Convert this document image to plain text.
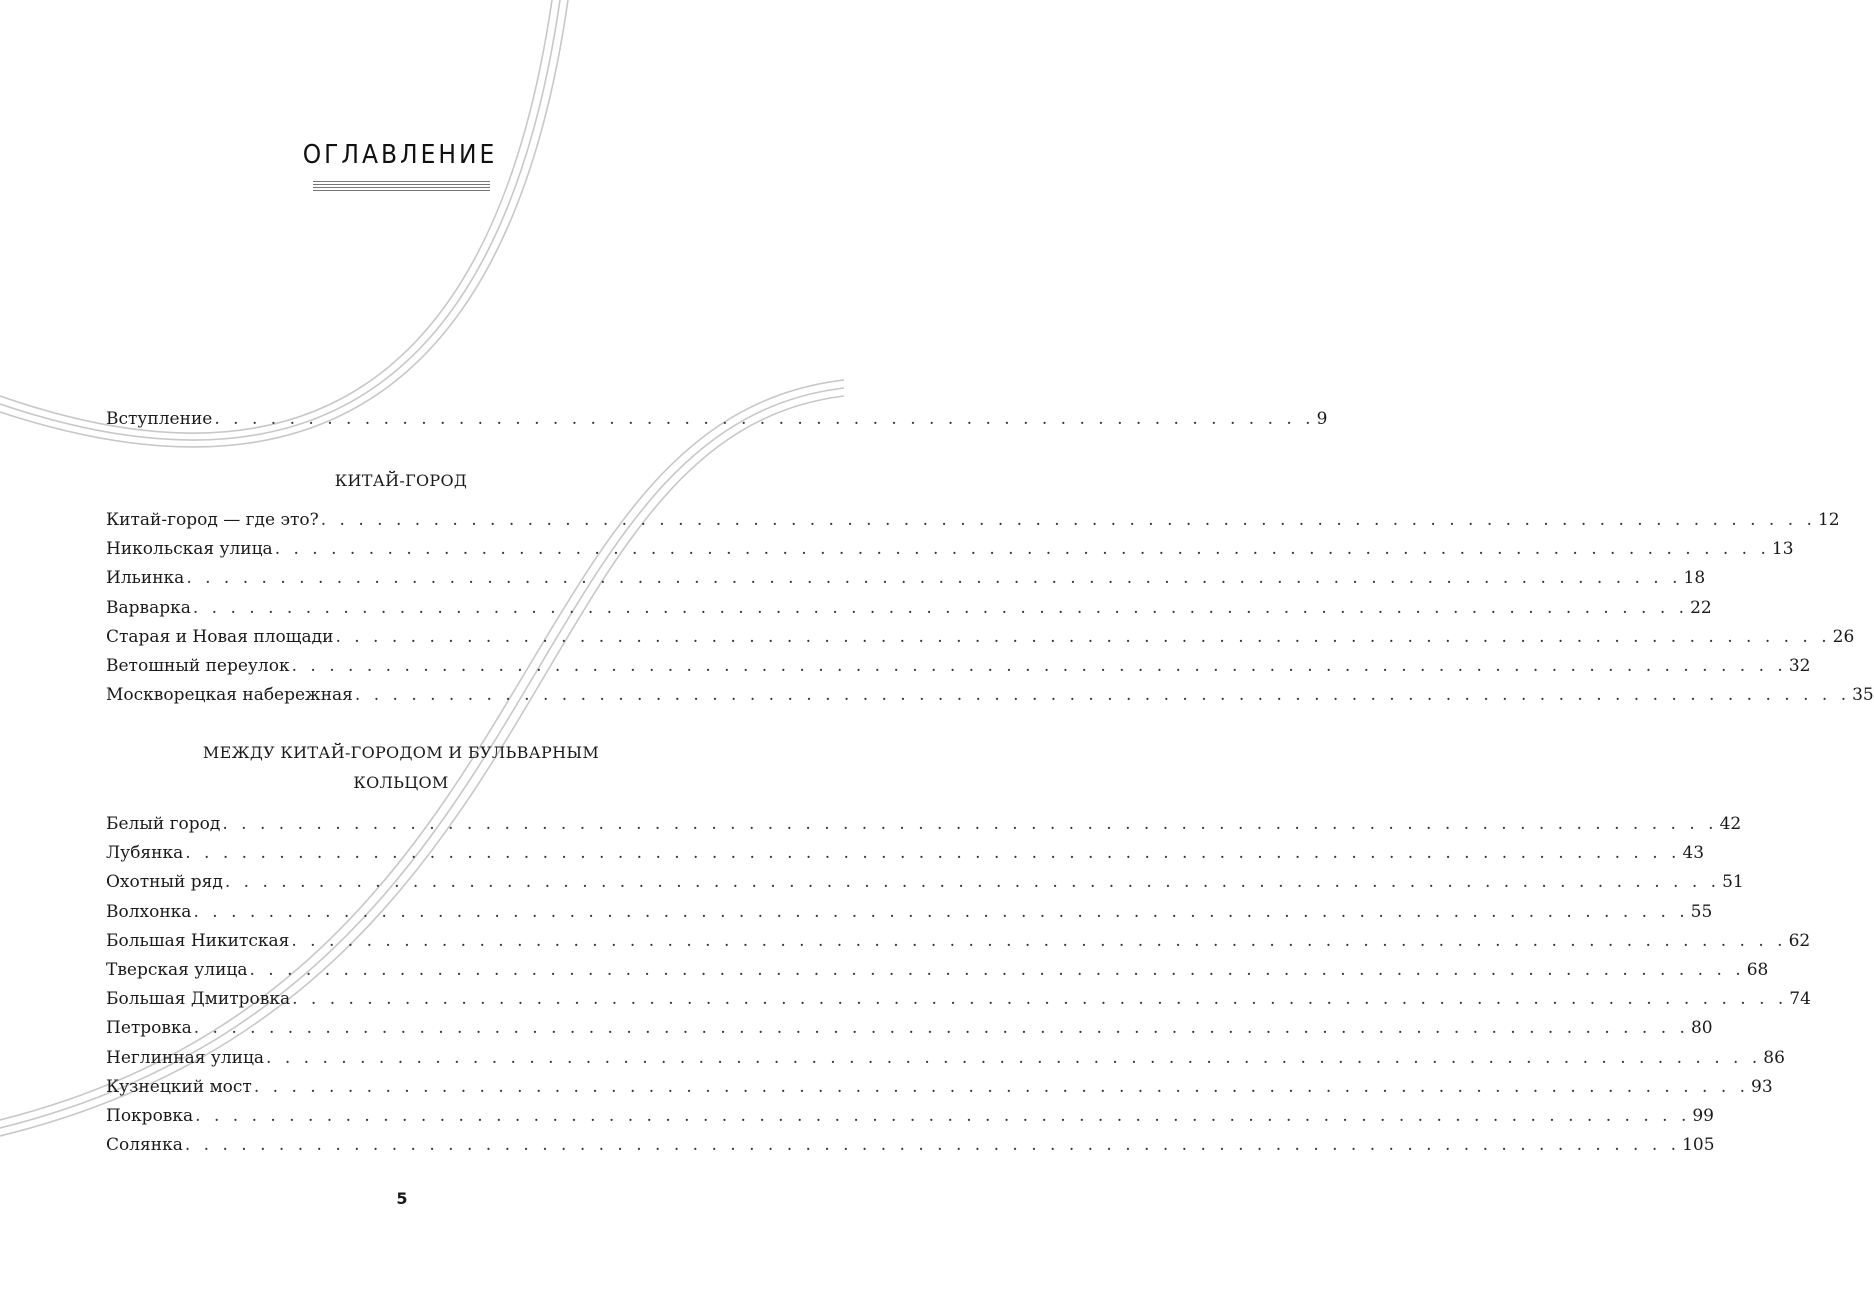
ОГЛАВЛЕНИЕ
Вступление . . . . . . . . . . . . . . . . . . . . . . . . . . . . . . . . . . . . . . . . . . . . . . . . . . . . . . . . . . . 9
КИТАЙ-ГОРОД
Китай-город — где это? . . . . . . . . . . . . . . . . . . . . . . . . . . . . . . . . . . . . . . . . . . . . . . . . . . . . . . . . . . . . . . . . . . . . . . . . . . . . . . . . 12
Никольская улица . . . . . . . . . . . . . . . . . . . . . . . . . . . . . . . . . . . . . . . . . . . . . . . . . . . . . . . . . . . . . . . . . . . . . . . . . . . . . . . . 13
Ильинка . . . . . . . . . . . . . . . . . . . . . . . . . . . . . . . . . . . . . . . . . . . . . . . . . . . . . . . . . . . . . . . . . . . . . . . . . . . . . . . . 18
Варварка . . . . . . . . . . . . . . . . . . . . . . . . . . . . . . . . . . . . . . . . . . . . . . . . . . . . . . . . . . . . . . . . . . . . . . . . . . . . . . . . 22
Старая и Новая площади . . . . . . . . . . . . . . . . . . . . . . . . . . . . . . . . . . . . . . . . . . . . . . . . . . . . . . . . . . . . . . . . . . . . . . . . . . . . . . . . 26
Ветошный переулок . . . . . . . . . . . . . . . . . . . . . . . . . . . . . . . . . . . . . . . . . . . . . . . . . . . . . . . . . . . . . . . . . . . . . . . . . . . . . . . . 32
Москворецкая набережная . . . . . . . . . . . . . . . . . . . . . . . . . . . . . . . . . . . . . . . . . . . . . . . . . . . . . . . . . . . . . . . . . . . . . . . . . . . . . . . . 35
МЕЖДУ КИТАЙ-ГОРОДОМ И БУЛЬВАРНЫМ
КОЛЬЦОМ
Белый город . . . . . . . . . . . . . . . . . . . . . . . . . . . . . . . . . . . . . . . . . . . . . . . . . . . . . . . . . . . . . . . . . . . . . . . . . . . . . . . . 42
Лубянка . . . . . . . . . . . . . . . . . . . . . . . . . . . . . . . . . . . . . . . . . . . . . . . . . . . . . . . . . . . . . . . . . . . . . . . . . . . . . . . . 43
Охотный ряд . . . . . . . . . . . . . . . . . . . . . . . . . . . . . . . . . . . . . . . . . . . . . . . . . . . . . . . . . . . . . . . . . . . . . . . . . . . . . . . . 51
Волхонка . . . . . . . . . . . . . . . . . . . . . . . . . . . . . . . . . . . . . . . . . . . . . . . . . . . . . . . . . . . . . . . . . . . . . . . . . . . . . . . . 55
Большая Никитская . . . . . . . . . . . . . . . . . . . . . . . . . . . . . . . . . . . . . . . . . . . . . . . . . . . . . . . . . . . . . . . . . . . . . . . . . . . . . . . . 62
Тверская улица . . . . . . . . . . . . . . . . . . . . . . . . . . . . . . . . . . . . . . . . . . . . . . . . . . . . . . . . . . . . . . . . . . . . . . . . . . . . . . . . 68
Большая Дмитровка . . . . . . . . . . . . . . . . . . . . . . . . . . . . . . . . . . . . . . . . . . . . . . . . . . . . . . . . . . . . . . . . . . . . . . . . . . . . . . . . 74
Петровка . . . . . . . . . . . . . . . . . . . . . . . . . . . . . . . . . . . . . . . . . . . . . . . . . . . . . . . . . . . . . . . . . . . . . . . . . . . . . . . . 80
Неглинная улица . . . . . . . . . . . . . . . . . . . . . . . . . . . . . . . . . . . . . . . . . . . . . . . . . . . . . . . . . . . . . . . . . . . . . . . . . . . . . . . . 86
Кузнецкий мост . . . . . . . . . . . . . . . . . . . . . . . . . . . . . . . . . . . . . . . . . . . . . . . . . . . . . . . . . . . . . . . . . . . . . . . . . . . . . . . . 93
Покровка . . . . . . . . . . . . . . . . . . . . . . . . . . . . . . . . . . . . . . . . . . . . . . . . . . . . . . . . . . . . . . . . . . . . . . . . . . . . . . . . 99
Солянка . . . . . . . . . . . . . . . . . . . . . . . . . . . . . . . . . . . . . . . . . . . . . . . . . . . . . . . . . . . . . . . . . . . . . . . . . . . . . . . . 105
5
